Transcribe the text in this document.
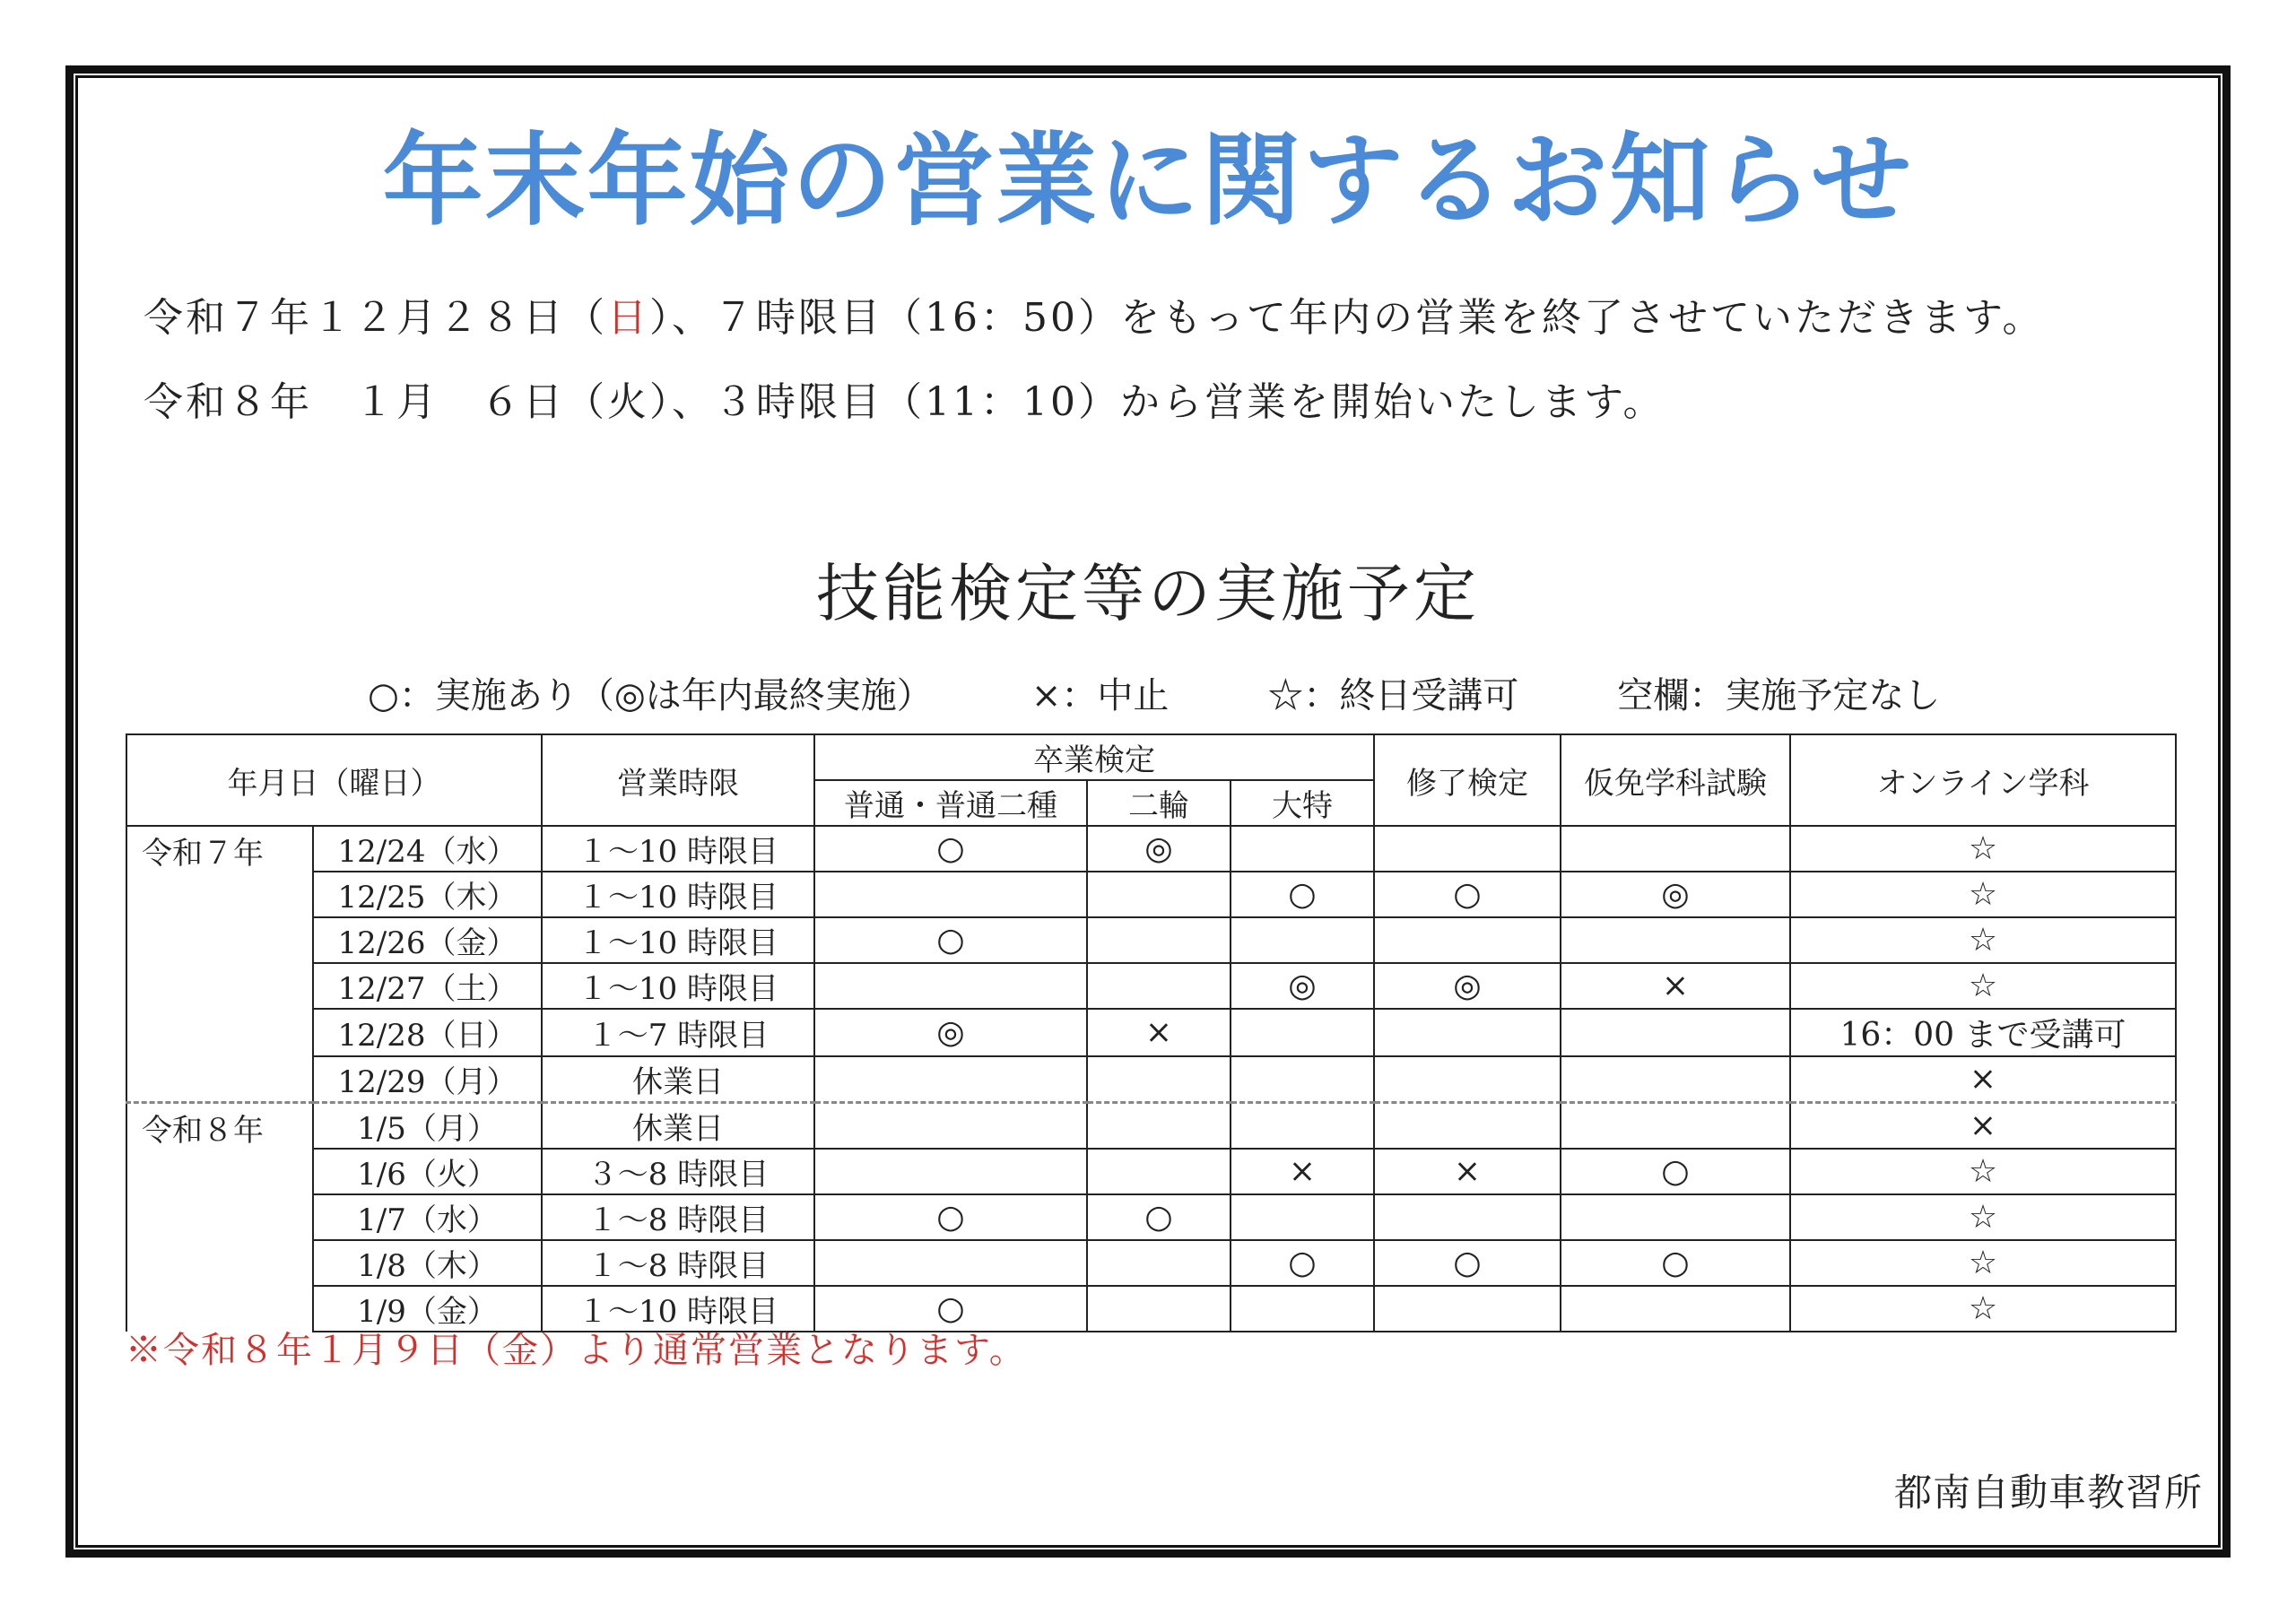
年末年始の営業に関するお知らせ
令和７年１２月２８日（日）、７時限目（16：50）をもって年内の営業を終了させていただきます。
令和８年　１月　６日（火）、３時限目（11：10）から営業を開始いたします。
技能検定等の実施予定
○：実施あり（◎は年内最終実施）	×：中止	☆：終日受講可	空欄：実施予定なし
年月日（曜日）		営業時限	卒業検定			修了検定	仮免学科試験	オンライン学科
			普通・普通二種	二輪	大特			
令和７年	12/24（水）	１～10 時限目	○	◎				☆
	12/25（木）	１～10 時限目			○	○	◎	☆
	12/26（金）	１～10 時限目	○					☆
	12/27（土）	１～10 時限目			◎	◎	×	☆
	12/28（日）	１～7 時限目	◎	×				16：00 まで受講可
	12/29（月）	休業日						×
令和８年	1/5（月）	休業日						×
	1/6（火）	３～8 時限目			×	×	○	☆
	1/7（水）	１～8 時限目	○	○				☆
	1/8（木）	１～8 時限目			○	○	○	☆
	1/9（金）	１～10 時限目	○					☆
※令和８年１月９日（金）より通常営業となります。
都南自動車教習所
